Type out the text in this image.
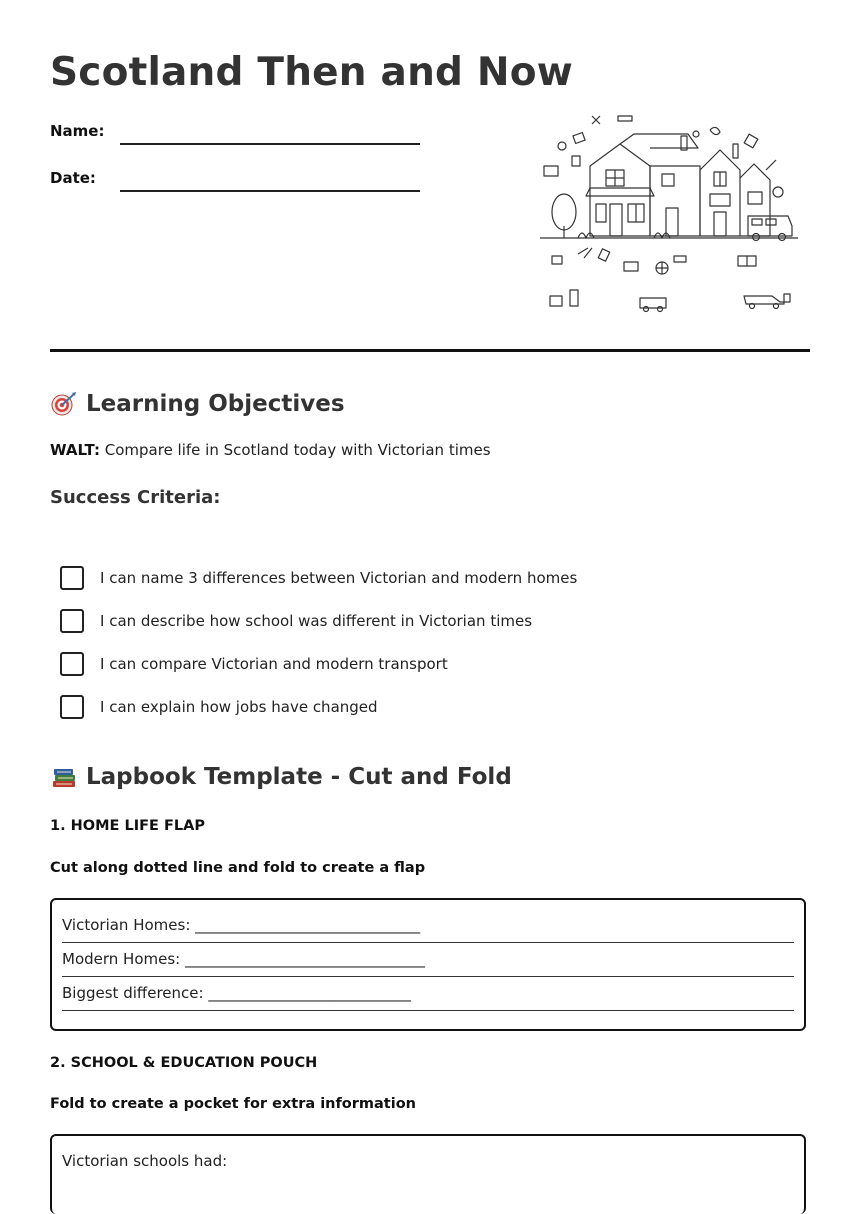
Scotland Then and Now
Name:
Date:
Learning Objectives
WALT: Compare life in Scotland today with Victorian times
Success Criteria:
I can name 3 differences between Victorian and modern homes
I can describe how school was different in Victorian times
I can compare Victorian and modern transport
I can explain how jobs have changed
Lapbook Template - Cut and Fold
1. HOME LIFE FLAP
Cut along dotted line and fold to create a flap
Victorian Homes: ______________________________
Modern Homes: ________________________________
Biggest difference: ___________________________
2. SCHOOL & EDUCATION POUCH
Fold to create a pocket for extra information
Victorian schools had:
